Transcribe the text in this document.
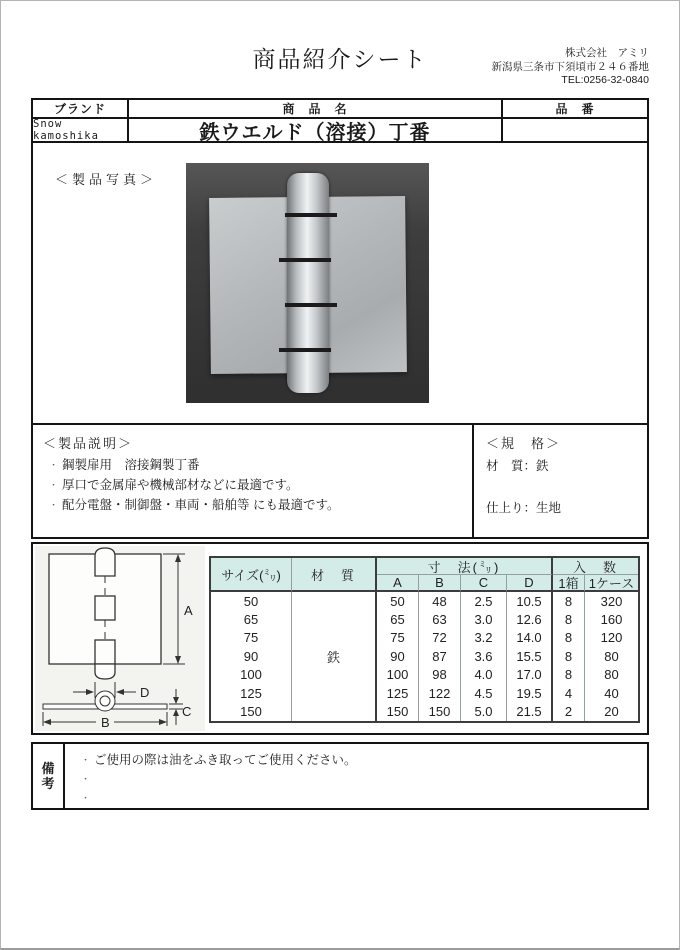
商品紹介シート	株式会社　アミリ
新潟県三条市下須頃市２４６番地
TEL:0256-32-0840
ブランド	商　品　名	品　番
Snow kamoshika	鉄ウエルド（溶接）丁番
＜製品写真＞
＜製品説明＞
・ 鋼製扉用　溶接鋼製丁番
・ 厚口で金属扉や機械部材などに最適です。
・ 配分電盤・制御盤・車両・船舶等 にも最適です。
＜規　格＞
材　質：鉄
仕上り：生地
A
B
C
D
サイズ(㍉)	材　質
寸　法(㍉)	入　数
A	B	C	D	1箱 1ケース
鉄
50	50	48	2.5	10.5	8	320
65	65	63	3.0	12.6	8	160
75	75	72	3.2	14.0	8	120
90	90	87	3.6	15.5	8	80
100	100	98	4.0	17.0	8	80
125	125	122	4.5	19.5	4	40
150	150	150	5.0	21.5	2	20
備
考
・ ご使用の際は油をふき取ってご使用ください。
・
・
